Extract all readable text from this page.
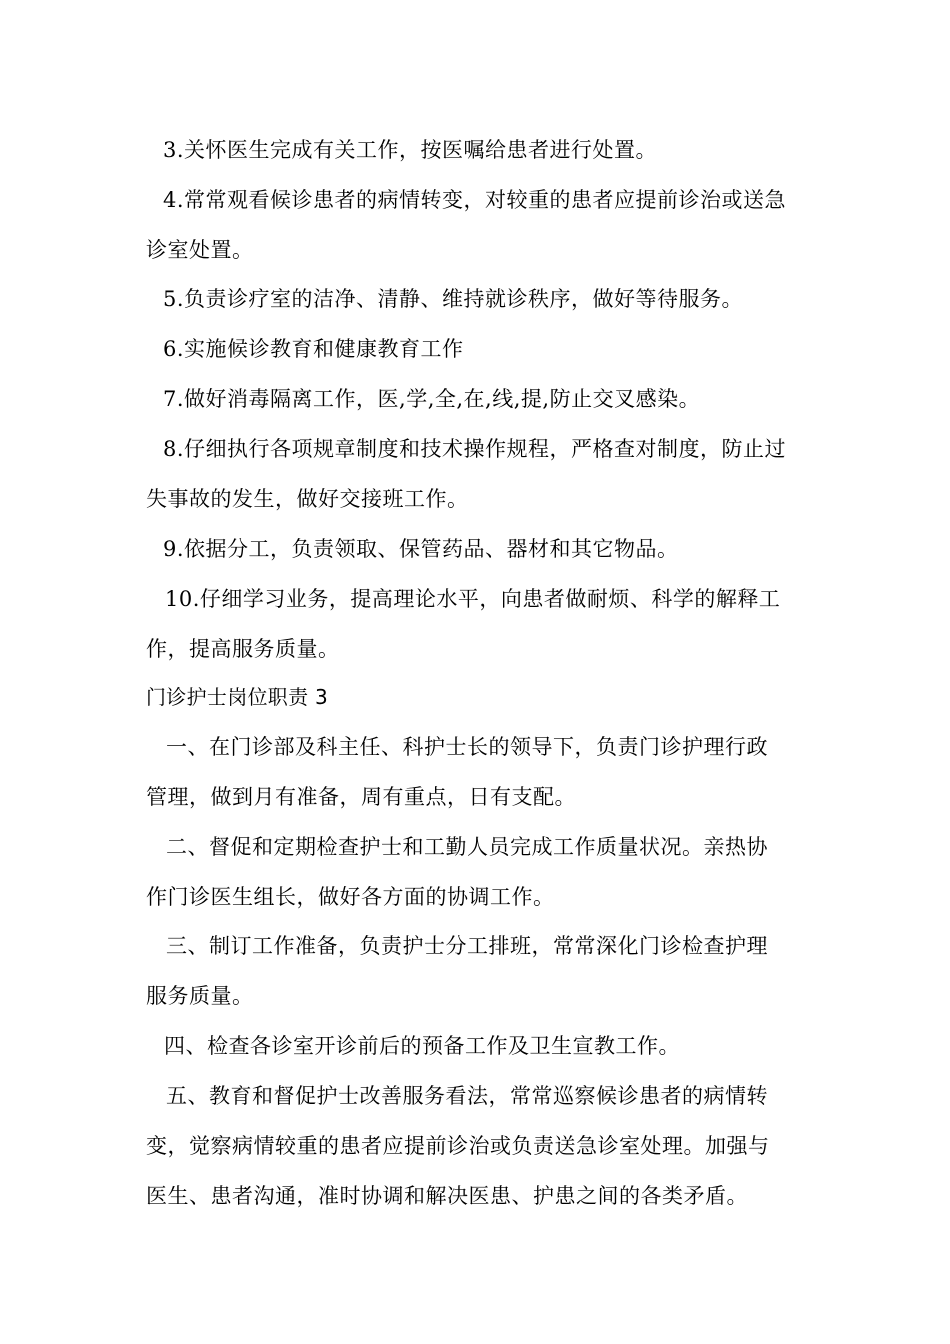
3.关怀医生完成有关工作，按医嘱给患者进行处置。
4.常常观看候诊患者的病情转变，对较重的患者应提前诊治或送急
诊室处置。
5.负责诊疗室的洁净、清静、维持就诊秩序，做好等待服务。
6.实施候诊教育和健康教育工作
7.做好消毒隔离工作，医,学,全,在,线,提,防止交叉感染。
8.仔细执行各项规章制度和技术操作规程，严格查对制度，防止过
失事故的发生，做好交接班工作。
9.依据分工，负责领取、保管药品、器材和其它物品。
10.仔细学习业务，提高理论水平，向患者做耐烦、科学的解释工
作，提高服务质量。
门诊护士岗位职责 3
一、在门诊部及科主任、科护士长的领导下，负责门诊护理行政
管理，做到月有准备，周有重点，日有支配。
二、督促和定期检查护士和工勤人员完成工作质量状况。亲热协
作门诊医生组长，做好各方面的协调工作。
三、制订工作准备，负责护士分工排班，常常深化门诊检查护理
服务质量。
四、检查各诊室开诊前后的预备工作及卫生宣教工作。
五、教育和督促护士改善服务看法，常常巡察候诊患者的病情转
变，觉察病情较重的患者应提前诊治或负责送急诊室处理。加强与
医生、患者沟通，准时协调和解决医患、护患之间的各类矛盾。
